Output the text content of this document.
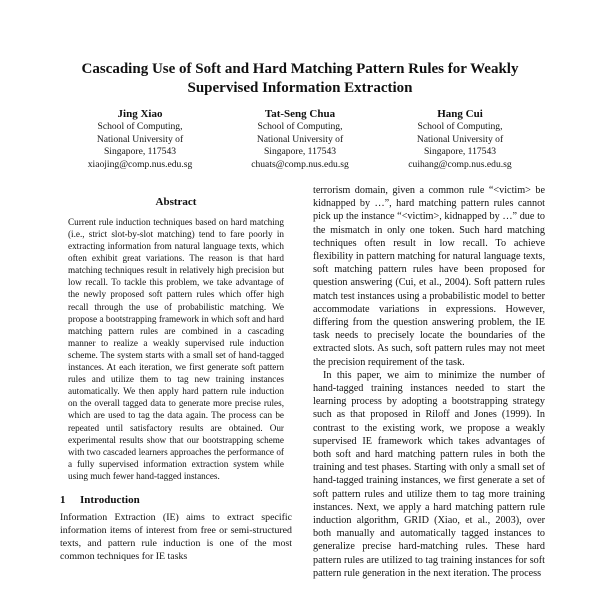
Cascading Use of Soft and Hard Matching Pattern Rules for Weakly Supervised Information Extraction
Jing Xiao
School of Computing,
National University of
Singapore, 117543
xiaojing@comp.nus.edu.sg
Tat-Seng Chua
School of Computing,
National University of
Singapore, 117543
chuats@comp.nus.edu.sg
Hang Cui
School of Computing,
National University of
Singapore, 117543
cuihang@comp.nus.edu.sg
Abstract

Current rule induction techniques based on hard matching (i.e., strict slot-by-slot matching) tend to fare poorly in extracting information from natural language texts, which often exhibit great variations. The reason is that hard matching techniques result in relatively high precision but low recall. To tackle this problem, we take advantage of the newly proposed soft pattern rules which offer high recall through the use of probabilistic matching. We propose a bootstrapping framework in which soft and hard matching pattern rules are combined in a cascading manner to realize a weakly supervised rule induction scheme. The system starts with a small set of hand-tagged instances. At each iteration, we first generate soft pattern rules and utilize them to tag new training instances automatically. We then apply hard pattern rule induction on the overall tagged data to generate more precise rules, which are used to tag the data again. The process can be repeated until satisfactory results are obtained. Our experimental results show that our bootstrapping scheme with two cascaded learners approaches the performance of a fully supervised information extraction system while using much fewer hand-tagged instances.

1 Introduction

Information Extraction (IE) aims to extract specific information items of interest from free or semi-structured texts, and pattern rule induction is one of the most common techniques for IE tasks

terrorism domain, given a common rule “<victim> be kidnapped by …”, hard matching pattern rules cannot pick up the instance “<victim>, kidnapped by …” due to the mismatch in only one token. Such hard matching techniques often result in low recall. To achieve flexibility in pattern matching for natural language texts, soft matching pattern rules have been proposed for question answering (Cui, et al., 2004). Soft pattern rules match test instances using a probabilistic model to better accommodate variations in expressions. However, differing from the question answering problem, the IE task needs to precisely locate the boundaries of the extracted slots. As such, soft pattern rules may not meet the precision requirement of the task.

In this paper, we aim to minimize the number of hand-tagged training instances needed to start the learning process by adopting a bootstrapping strategy such as that proposed in Riloff and Jones (1999). In contrast to the existing work, we propose a weakly supervised IE framework which takes advantages of both soft and hard matching pattern rules in both the training and test phases. Starting with only a small set of hand-tagged training instances, we first generate a set of soft pattern rules and utilize them to tag more training instances. Next, we apply a hard matching pattern rule induction algorithm, GRID (Xiao, et al., 2003), over both manually and automatically tagged instances to generalize precise hard-matching rules. These hard pattern rules are utilized to tag training instances for soft pattern rule generation in the next iteration. The process
